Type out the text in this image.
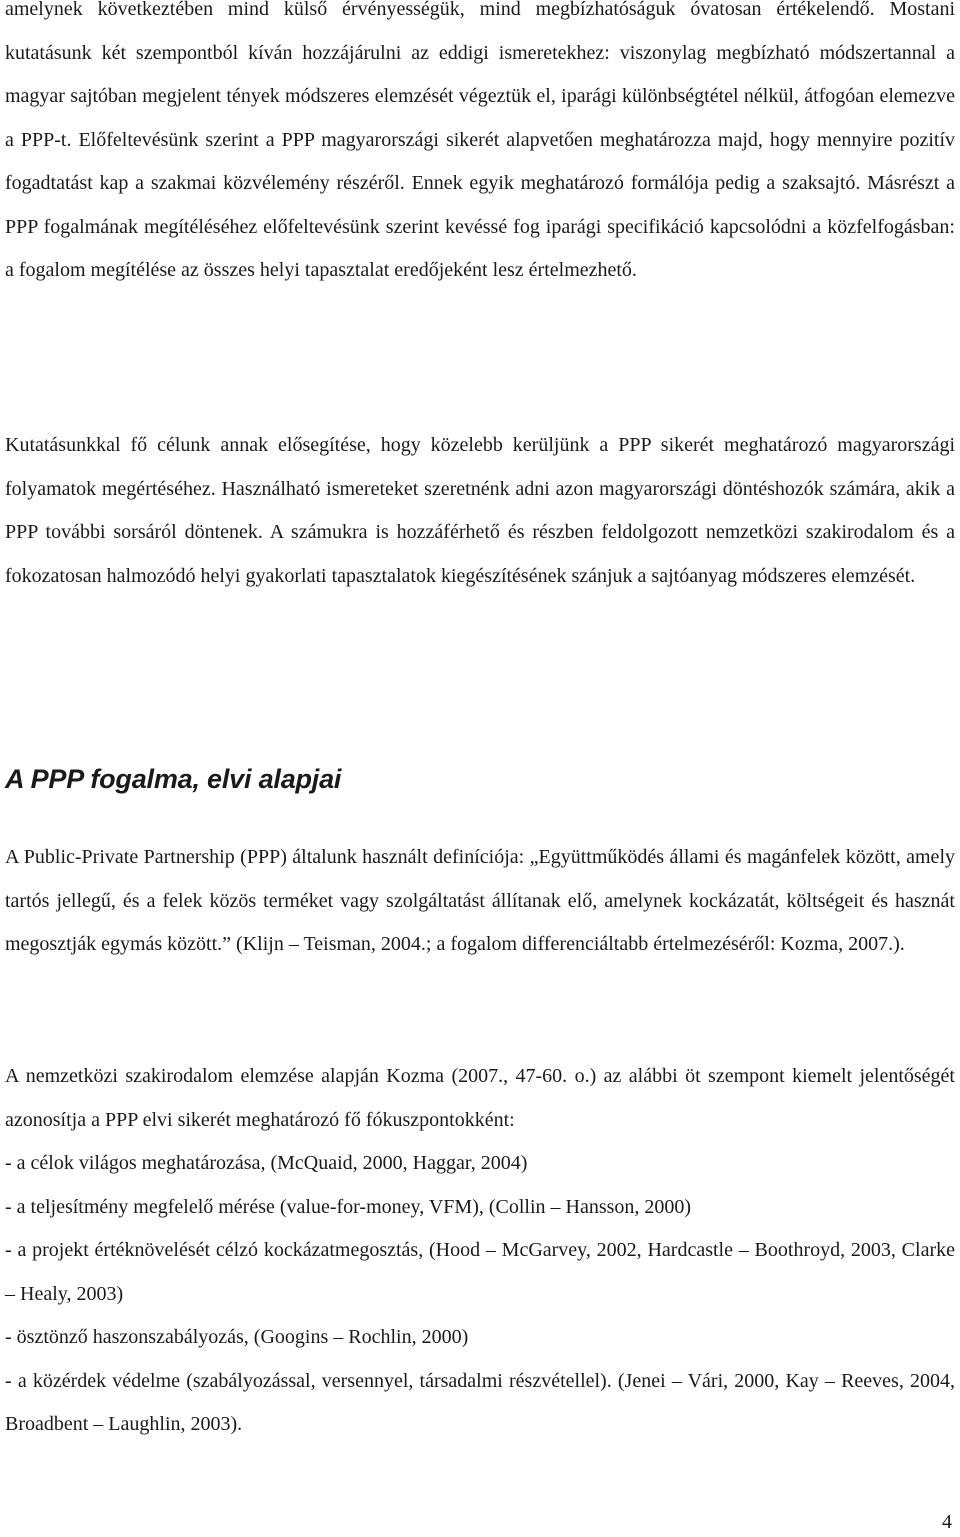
amelynek következtében mind külső érvényességük, mind megbízhatóságuk óvatosan értékelendő. Mostani kutatásunk két szempontból kíván hozzájárulni az eddigi ismeretekhez: viszonylag megbízható módszertannal a magyar sajtóban megjelent tények módszeres elemzését végeztük el, iparági különbségtétel nélkül, átfogóan elemezve a PPP-t. Előfeltevésünk szerint a PPP magyarországi sikerét alapvetően meghatározza majd, hogy mennyire pozitív fogadtatást kap a szakmai közvélemény részéről. Ennek egyik meghatározó formálója pedig a szaksajtó. Másrészt a PPP fogalmának megítéléséhez előfeltevésünk szerint kevéssé fog iparági specifikáció kapcsolódni a közfelfogásban: a fogalom megítélése az összes helyi tapasztalat eredőjeként lesz értelmezhető.

Kutatásunkkal fő célunk annak elősegítése, hogy közelebb kerüljünk a PPP sikerét meghatározó magyarországi folyamatok megértéséhez. Használható ismereteket szeretnénk adni azon magyarországi döntéshozók számára, akik a PPP további sorsáról döntenek. A számukra is hozzáférhető és részben feldolgozott nemzetközi szakirodalom és a fokozatosan halmozódó helyi gyakorlati tapasztalatok kiegészítésének szánjuk a sajtóanyag módszeres elemzését.

A PPP fogalma, elvi alapjai

A Public-Private Partnership (PPP) általunk használt definíciója: „Együttműködés állami és magánfelek között, amely tartós jellegű, és a felek közös terméket vagy szolgáltatást állítanak elő, amelynek kockázatát, költségeit és hasznát megosztják egymás között.” (Klijn – Teisman, 2004.; a fogalom differenciáltabb értelmezéséről: Kozma, 2007.).

A nemzetközi szakirodalom elemzése alapján Kozma (2007., 47-60. o.) az alábbi öt szempont kiemelt jelentőségét azonosítja a PPP elvi sikerét meghatározó fő fókuszpontokként:

- a célok világos meghatározása, (McQuaid, 2000, Haggar, 2004)
- a teljesítmény megfelelő mérése (value-for-money, VFM), (Collin – Hansson, 2000)
- a projekt értéknövelését célzó kockázatmegosztás, (Hood – McGarvey, 2002, Hardcastle – Boothroyd, 2003, Clarke – Healy, 2003)
- ösztönző haszonszabályozás, (Googins – Rochlin, 2000)
- a közérdek védelme (szabályozással, versennyel, társadalmi részvétellel). (Jenei – Vári, 2000, Kay – Reeves, 2004, Broadbent – Laughlin, 2003).
4
